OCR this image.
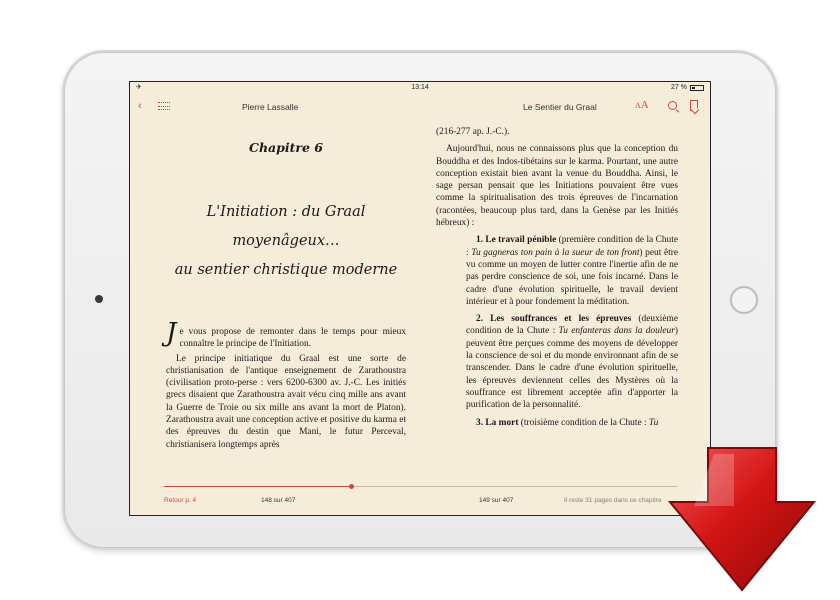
✈	13:14	27 %
‹	Pierre Lassalle	Le Sentier du Graal	AA
Chapitre 6
L'Initiation : du Graal
moyenâgeux…
au sentier christique moderne

Je vous propose de remonter dans le temps pour mieux connaître le principe de l'Initiation.

Le principe initiatique du Graal est une sorte de christianisation de l'antique enseignement de Zarathoustra (civilisation proto-perse : vers 6200-6300 av. J.-C. Les initiés grecs disaient que Zarathoustra avait vécu cinq mille ans avant la Guerre de Troie ou six mille ans avant la mort de Platon). Zarathoustra avait une conception active et positive du karma et des épreuves du destin que Mani, le futur Perceval, christianisera longtemps après

(216-277 ap. J.-C.).

Aujourd'hui, nous ne connaissons plus que la conception du Bouddha et des Indos-tibétains sur le karma. Pourtant, une autre conception existait bien avant la venue du Bouddha. Ainsi, le sage persan pensait que les Initiations pouvaient être vues comme la spiritualisation des trois épreuves de l'incarnation (racontées, beaucoup plus tard, dans la Genèse par les Initiés hébreux) :

1. Le travail pénible (première condition de la Chute : Tu gagneras ton pain à la sueur de ton front) peut être vu comme un moyen de lutter contre l'inertie afin de ne pas perdre conscience de soi, une fois incarné. Dans le cadre d'une évolution spirituelle, le travail devient intérieur et à pour fondement la méditation.

2. Les souffrances et les épreuves (deuxième condition de la Chute : Tu enfanteras dans la douleur) peuvent être perçues comme des moyens de développer la conscience de soi et du monde environnant afin de se transcender. Dans le cadre d'une évolution spirituelle, les épreuves deviennent celles des Mystères où la souffrance est librement acceptée afin d'apporter la purification de la personnalité.

3. La mort (troisième condition de la Chute : Tu

Retour p. 4	148 sur 407	149 sur 407	Il reste 31 pages dans ce chapitre
